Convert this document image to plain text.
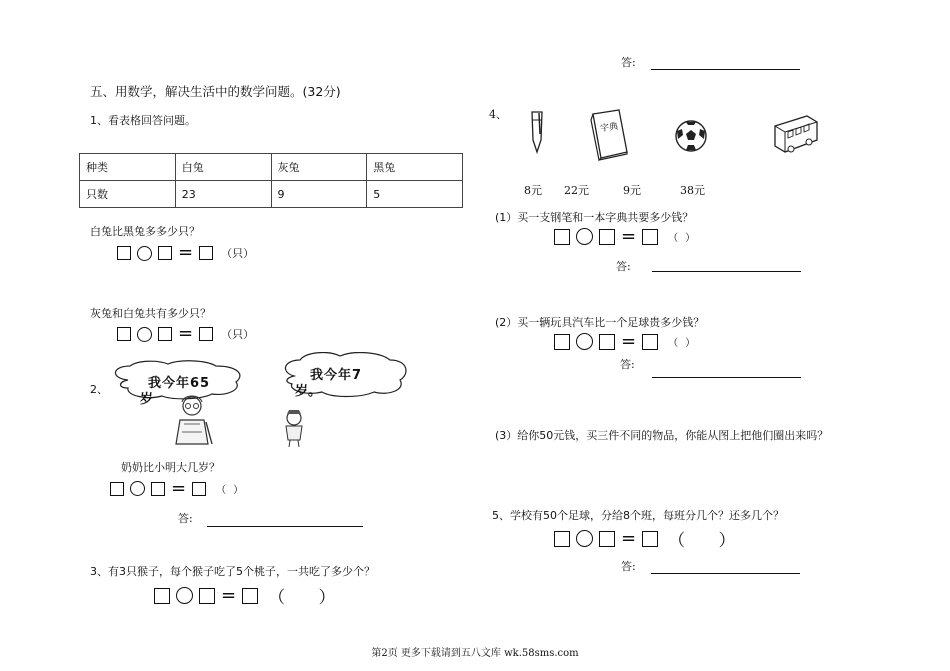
五、用数学，解决生活中的数学问题。(32分)
1、看表格回答问题。
种类	白兔	灰兔	黑兔
只数	23	9	5
白兔比黑兔多多少只？
=	（只）
灰兔和白兔共有多少只？
=	（只）
2、	我今年65
岁
我今年7
岁。
奶奶比小明大几岁？
=	（ ）
答:
3、有3只猴子，每个猴子吃了5个桃子，一共吃了多少个？
= （ ）
答:
4、
字典
8元 22元	9元	38元
(1）买一支钢笔和一本字典共要多少钱？
=	（ ）
答:
(2）买一辆玩具汽车比一个足球贵多少钱？
=	（ ）
答:
(3）给你50元钱，买三件不同的物品，你能从图上把他们圈出来吗？
5、学校有50个足球，分给8个班，每班分几个？还多几个？
= （ ）
答:
第2页 更多下载请到五八文库 wk.58sms.com
